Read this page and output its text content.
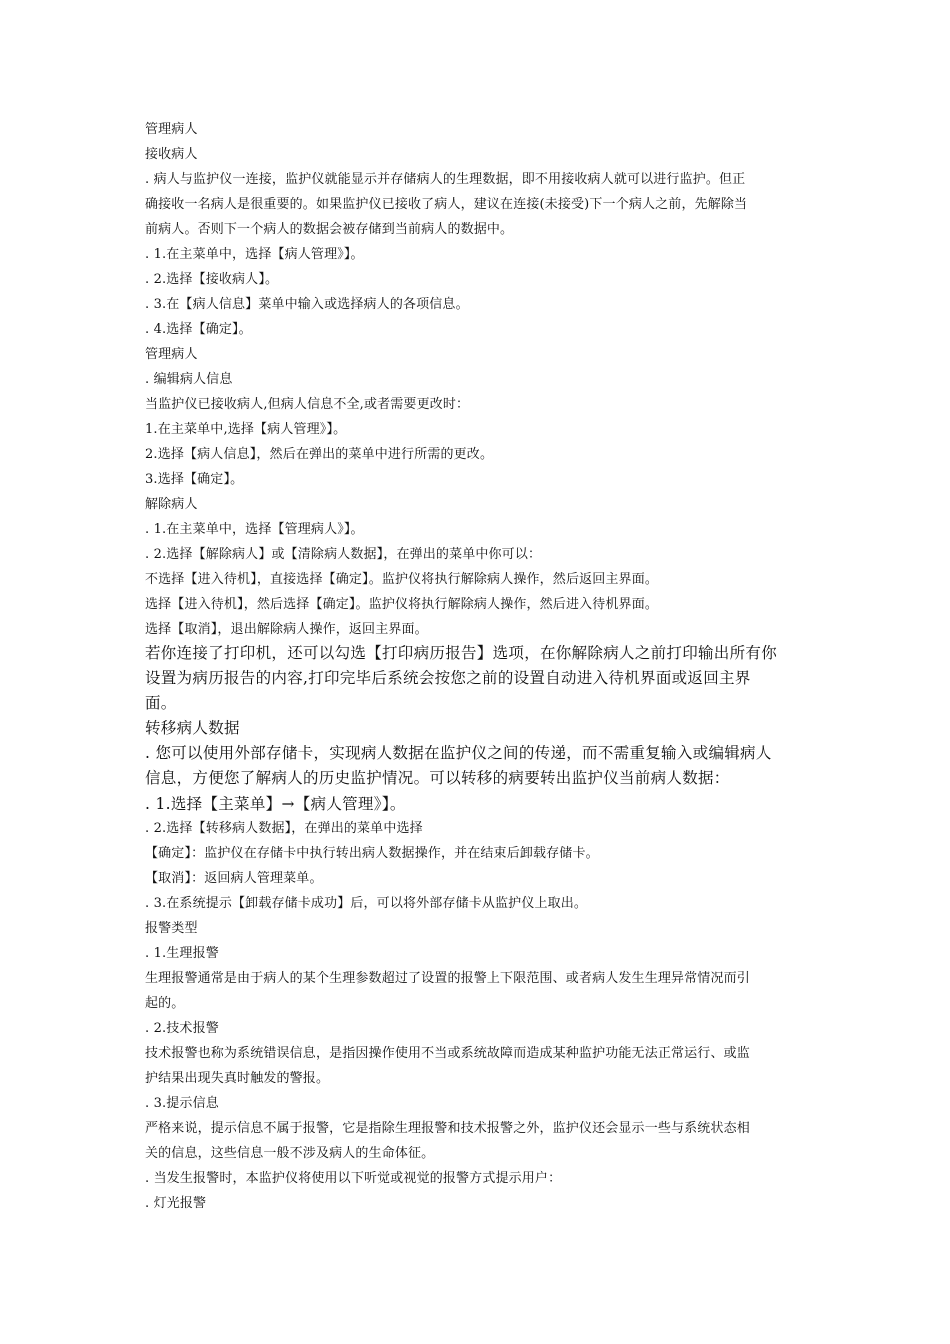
管理病人
接收病人
. 病人与监护仪一连接，监护仪就能显示并存储病人的生理数据，即不用接收病人就可以进行监护。但正
确接收一名病人是很重要的。如果监护仪已接收了病人，建议在连接(未接受)下一个病人之前，先解除当
前病人。否则下一个病人的数据会被存储到当前病人的数据中。
. 1.在主菜单中，选择【病人管理》】。
. 2.选择【接收病人】。
. 3.在【病人信息】菜单中输入或选择病人的各项信息。
. 4.选择【确定】。
管理病人
. 编辑病人信息
当监护仪已接收病人,但病人信息不全,或者需要更改时：
1.在主菜单中,选择【病人管理》】。
2.选择【病人信息】，然后在弹出的菜单中进行所需的更改。
3.选择【确定】。
解除病人
. 1.在主菜单中，选择【管理病人》】。
. 2.选择【解除病人】或【清除病人数据】，在弹出的菜单中你可以：
不选择【进入待机】，直接选择【确定】。监护仪将执行解除病人操作，然后返回主界面。
选择【进入待机】，然后选择【确定】。监护仪将执行解除病人操作，然后进入待机界面。
选择【取消】，退出解除病人操作，返回主界面。
若你连接了打印机，还可以勾选【打印病历报告】选项，在你解除病人之前打印输出所有你
设置为病历报告的内容,打印完毕后系统会按您之前的设置自动进入待机界面或返回主界
面。
转移病人数据
. 您可以使用外部存储卡，实现病人数据在监护仪之间的传递，而不需重复输入或编辑病人
信息，方便您了解病人的历史监护情况。可以转移的病要转出监护仪当前病人数据：
. 1.选择【主菜单】→【病人管理》】。
. 2.选择【转移病人数据】，在弹出的菜单中选择
【确定】：监护仪在存储卡中执行转出病人数据操作，并在结束后卸载存储卡。
【取消】：返回病人管理菜单。
. 3.在系统提示【卸载存储卡成功】后，可以将外部存储卡从监护仪上取出。
报警类型
. 1.生理报警
生理报警通常是由于病人的某个生理参数超过了设置的报警上下限范围、或者病人发生生理异常情况而引
起的。
. 2.技术报警
技术报警也称为系统错误信息，是指因操作使用不当或系统故障而造成某种监护功能无法正常运行、或监
护结果出现失真时触发的警报。
. 3.提示信息
严格来说，提示信息不属于报警，它是指除生理报警和技术报警之外，监护仪还会显示一些与系统状态相
关的信息，这些信息一般不涉及病人的生命体征。
. 当发生报警时，本监护仪将使用以下听觉或视觉的报警方式提示用户：
. 灯光报警
